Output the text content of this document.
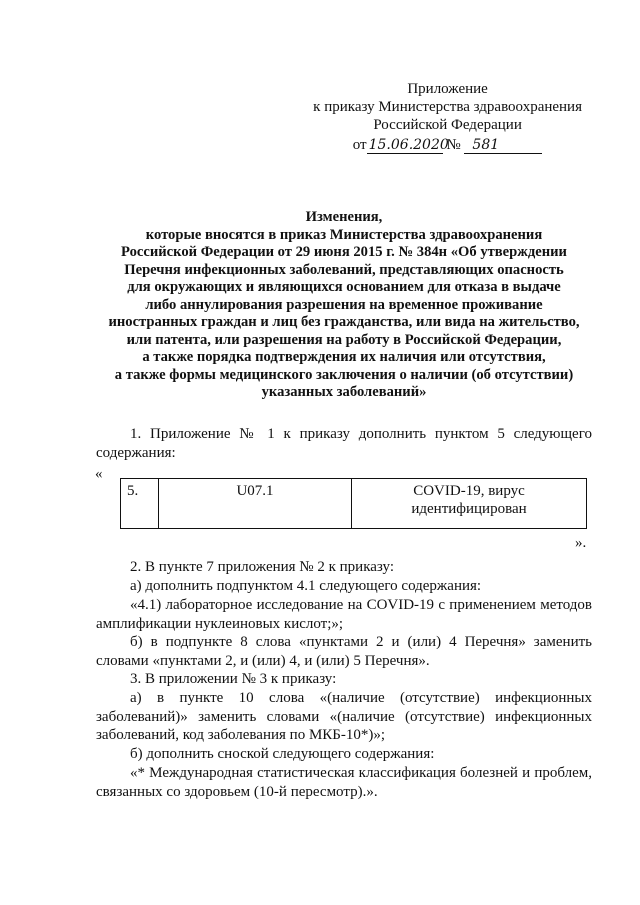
Приложение
к приказу Министерства здравоохранения
Российской Федерации
от 15.06.2020 № 581
Изменения,
которые вносятся в приказ Министерства здравоохранения
Российской Федерации от 29 июня 2015 г. № 384н «Об утверждении
Перечня инфекционных заболеваний, представляющих опасность
для окружающих и являющихся основанием для отказа в выдаче
либо аннулирования разрешения на временное проживание
иностранных граждан и лиц без гражданства, или вида на жительство,
или патента, или разрешения на работу в Российской Федерации,
а также порядка подтверждения их наличия или отсутствия,
а также формы медицинского заключения о наличии (об отсутствии)
указанных заболеваний»
1. Приложение № 1 к приказу дополнить пунктом 5 следующего содержания:
«
5.	U07.1	COVID-19, вирус идентифицирован
».
2. В пункте 7 приложения № 2 к приказу:
а) дополнить подпунктом 4.1 следующего содержания:
«4.1) лабораторное исследование на COVID-19 с применением методов амплификации нуклеиновых кислот;»;
б) в подпункте 8 слова «пунктами 2 и (или) 4 Перечня» заменить словами «пунктами 2, и (или) 4, и (или) 5 Перечня».
3. В приложении № 3 к приказу:
а) в пункте 10 слова «(наличие (отсутствие) инфекционных заболеваний)» заменить словами «(наличие (отсутствие) инфекционных заболеваний, код заболевания по МКБ-10*)»;
б) дополнить сноской следующего содержания:
«* Международная статистическая классификация болезней и проблем, связанных со здоровьем (10-й пересмотр).».
